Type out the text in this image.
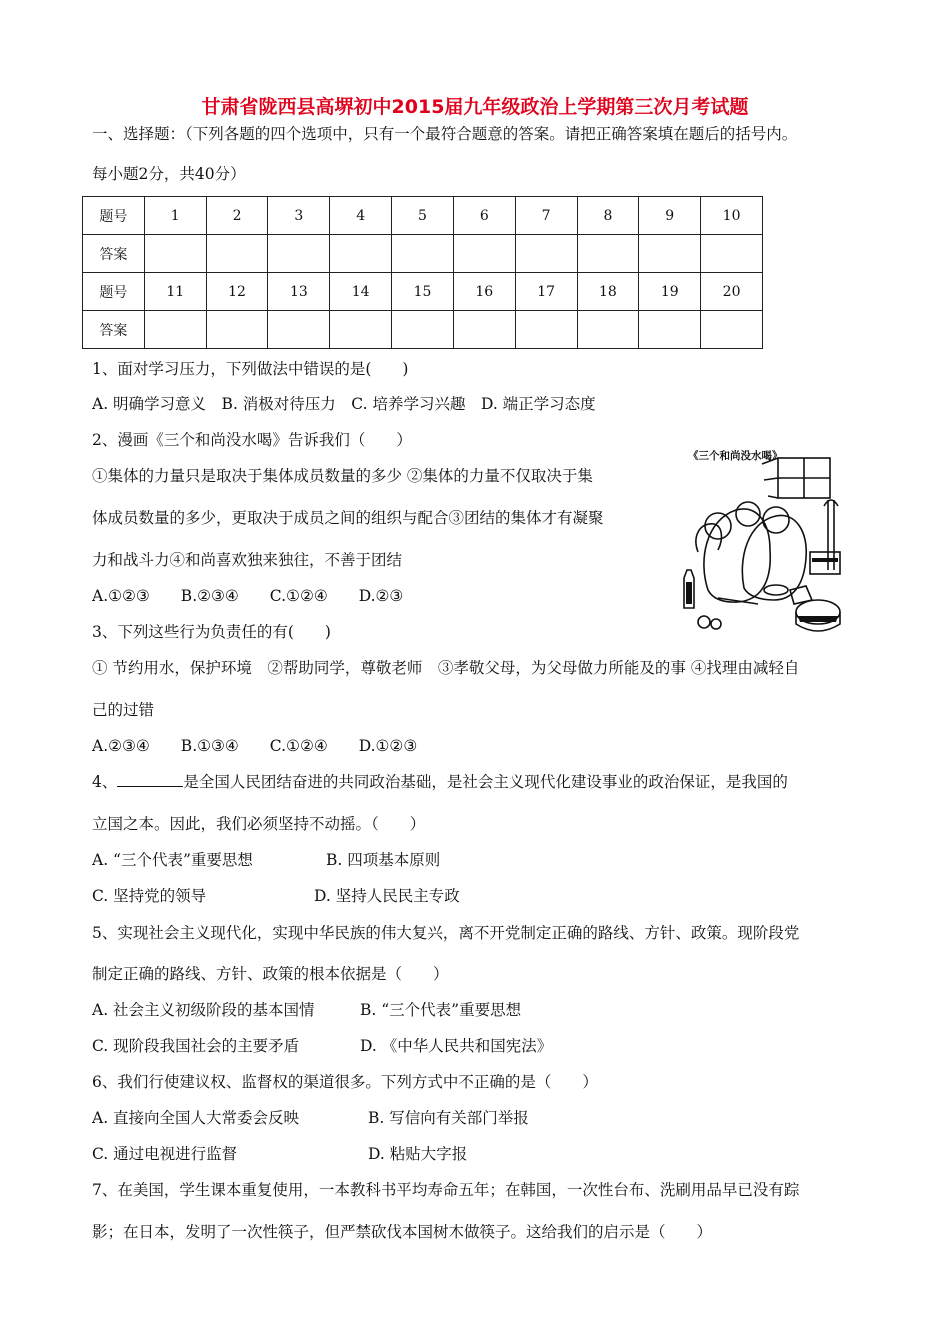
甘肃省陇西县高堺初中2015届九年级政治上学期第三次月考试题
一、选择题：（下列各题的四个选项中，只有一个最符合题意的答案。请把正确答案填在题后的括号内。
每小题2分，共40分）
题号	1	2	3	4	5	6	7	8	9	10
答案										
题号	11	12	13	14	15	16	17	18	19	20
答案										
1、面对学习压力，下列做法中错误的是(　　)
A. 明确学习意义　B. 消极对待压力　C. 培养学习兴趣　D. 端正学习态度
2、漫画《三个和尚没水喝》告诉我们（　　）
①集体的力量只是取决于集体成员数量的多少 ②集体的力量不仅取决于集
体成员数量的多少，更取决于成员之间的组织与配合③团结的集体才有凝聚
力和战斗力④和尚喜欢独来独往，不善于团结
A.①②③　　B.②③④　　C.①②④　　D.②③
《三个和尚没水喝》
3、下列这些行为负责任的有(　　)
① 节约用水，保护环境　②帮助同学，尊敬老师　③孝敬父母，为父母做力所能及的事 ④找理由减轻自
己的过错
A.②③④　　B.①③④　　C.①②④　　D.①②③
4、	是全国人民团结奋进的共同政治基础，是社会主义现代化建设事业的政治保证，是我国的
立国之本。因此，我们必须坚持不动摇。（　　）
A. “三个代表”重要思想	B. 四项基本原则
C. 坚持党的领导	D. 坚持人民民主专政
5、实现社会主义现代化，实现中华民族的伟大复兴，离不开党制定正确的路线、方针、政策。现阶段党
制定正确的路线、方针、政策的根本依据是（　　）
A. 社会主义初级阶段的基本国情	B. “三个代表”重要思想
C. 现阶段我国社会的主要矛盾	D. 《中华人民共和国宪法》
6、我们行使建议权、监督权的渠道很多。下列方式中不正确的是（　　）
A. 直接向全国人大常委会反映	B. 写信向有关部门举报
C. 通过电视进行监督	D. 粘贴大字报
7、在美国，学生课本重复使用，一本教科书平均寿命五年；在韩国，一次性台布、洗刷用品早已没有踪
影；在日本，发明了一次性筷子，但严禁砍伐本国树木做筷子。这给我们的启示是（　　）
